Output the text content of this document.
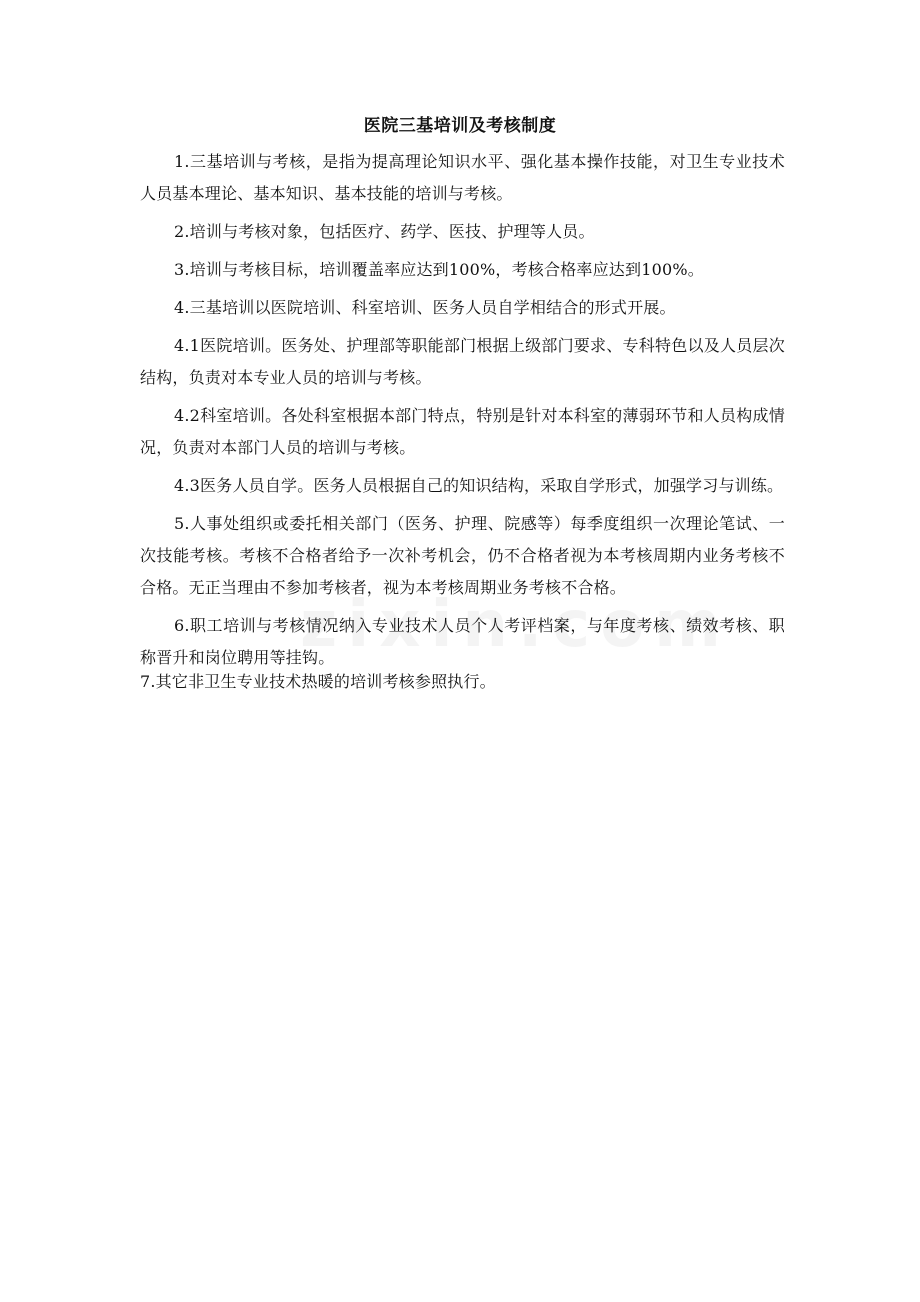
医院三基培训及考核制度

1.三基培训与考核，是指为提高理论知识水平、强化基本操作技能，对卫生专业技术人员基本理论、基本知识、基本技能的培训与考核。

2.培训与考核对象，包括医疗、药学、医技、护理等人员。

3.培训与考核目标，培训覆盖率应达到100%，考核合格率应达到100%。

4.三基培训以医院培训、科室培训、医务人员自学相结合的形式开展。

4.1医院培训。医务处、护理部等职能部门根据上级部门要求、专科特色以及人员层次结构，负责对本专业人员的培训与考核。

4.2科室培训。各处科室根据本部门特点，特别是针对本科室的薄弱环节和人员构成情况，负责对本部门人员的培训与考核。

4.3医务人员自学。医务人员根据自己的知识结构，采取自学形式，加强学习与训练。

5.人事处组织或委托相关部门（医务、护理、院感等）每季度组织一次理论笔试、一次技能考核。考核不合格者给予一次补考机会，仍不合格者视为本考核周期内业务考核不合格。无正当理由不参加考核者，视为本考核周期业务考核不合格。

6.职工培训与考核情况纳入专业技术人员个人考评档案，与年度考核、绩效考核、职称晋升和岗位聘用等挂钩。

7.其它非卫生专业技术热暖的培训考核参照执行。
